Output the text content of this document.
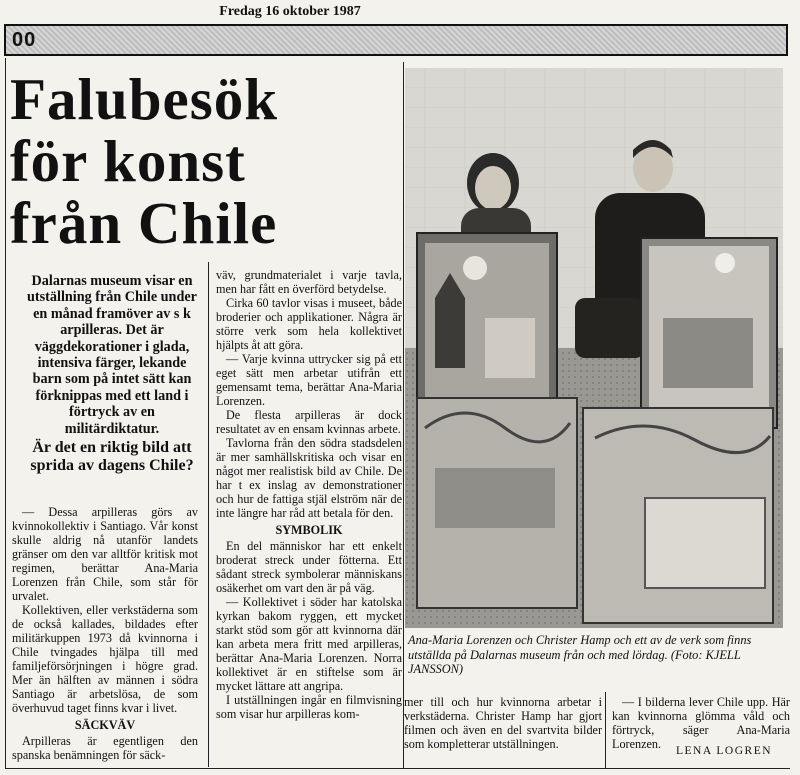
Fredag 16 oktober 1987
00
Falubesök
för konst
från Chile
Dalarnas museum visar en utställning från Chile under en månad framöver av s k arpilleras. Det är väggdekorationer i glada, intensiva färger, lekande barn som på intet sätt kan förknippas med ett land i förtryck av en militärdiktatur.
Är det en riktig bild att sprida av dagens Chile?

— Dessa arpilleras görs av kvinnokollektiv i Santiago. Vår konst skulle aldrig nå utanför landets gränser om den var alltför kritisk mot regimen, berättar Ana-Maria Lorenzen från Chile, som står för urvalet.

Kollektiven, eller verkstäderna som de också kallades, bildades efter militärkuppen 1973 då kvinnorna i Chile tvingades hjälpa till med familjeförsörjningen i högre grad. Mer än hälften av männen i södra Santiago är arbetslösa, de som överhuvud taget finns kvar i livet.

SÄCKVÄV

Arpilleras är egentligen den spanska benämningen för säck-

väv, grundmaterialet i varje tavla, men har fått en överförd betydelse.

Cirka 60 tavlor visas i museet, både broderier och applikationer. Några är större verk som hela kollektivet hjälpts åt att göra.

— Varje kvinna uttrycker sig på ett eget sätt men arbetar utifrån ett gemensamt tema, berättar Ana-Maria Lorenzen.

De flesta arpilleras är dock resultatet av en ensam kvinnas arbete.

Tavlorna från den södra stadsdelen är mer samhällskritiska och visar en något mer realistisk bild av Chile. De har t ex inslag av demonstrationer och hur de fattiga stjäl elström när de inte längre har råd att betala för den.

SYMBOLIK

En del människor har ett enkelt broderat streck under fötterna. Ett sådant streck symbolerar människans osäkerhet om vart den är på väg.

— Kollektivet i söder har katolska kyrkan bakom ryggen, ett mycket starkt stöd som gör att kvinnorna där kan arbeta mera fritt med arpilleras, berättar Ana-Maria Lorenzen. Norra kollektivet är en stiftelse som är mycket lättare att angripa.

I utställningen ingår en filmvisning som visar hur arpilleras kom-

Ana-Maria Lorenzen och Christer Hamp och ett av de verk som finns utställda på Dalarnas museum från och med lördag. (Foto: KJELL JANSSON)

mer till och hur kvinnorna arbetar i verkstäderna. Christer Hamp har gjort filmen och även en del svartvita bilder som kompletterar utställningen.

— I bilderna lever Chile upp. Här kan kvinnorna glömma våld och förtryck, säger Ana-Maria Lorenzen.	LENA LOGREN
